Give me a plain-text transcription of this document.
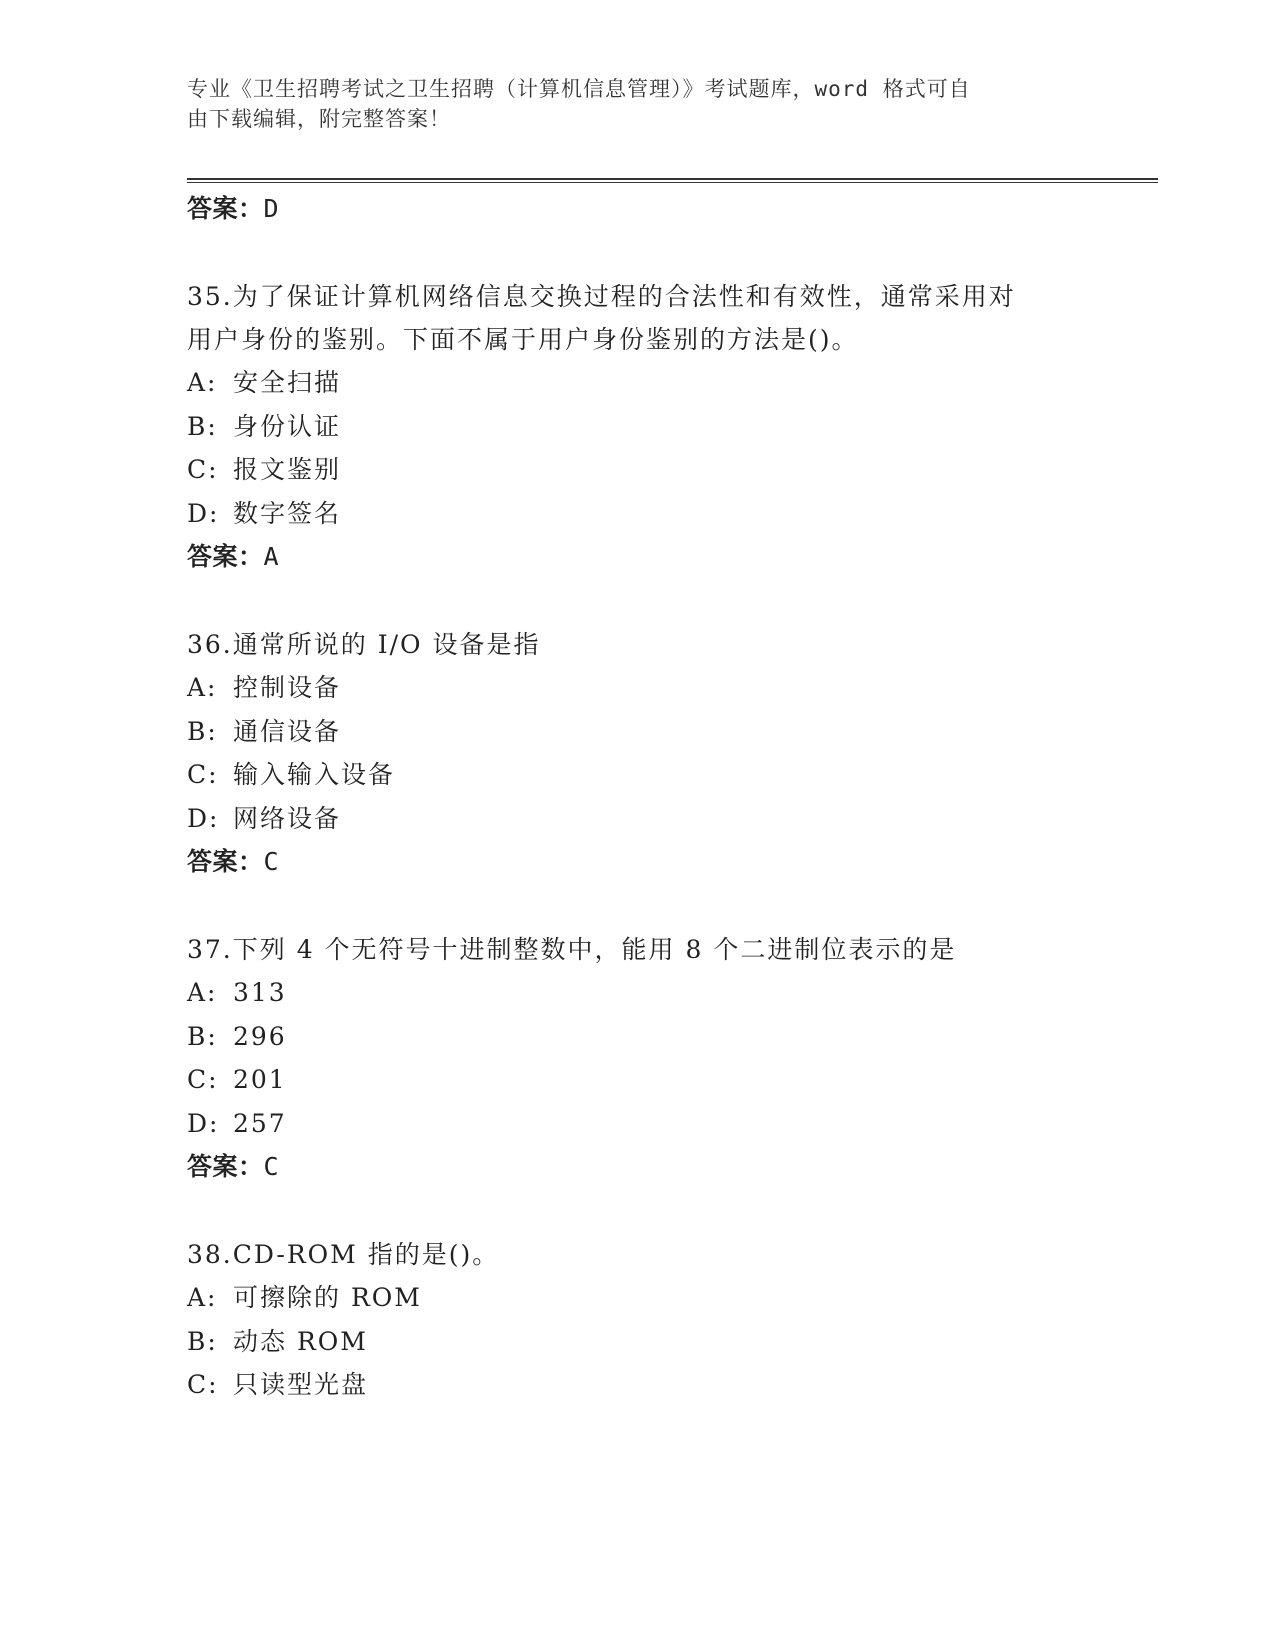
专业《卫生招聘考试之卫生招聘（计算机信息管理）》考试题库，word 格式可自
由下载编辑，附完整答案！
答案：D
35.为了保证计算机网络信息交换过程的合法性和有效性，通常采用对
用户身份的鉴别。下面不属于用户身份鉴别的方法是()。
A: 安全扫描
B: 身份认证
C: 报文鉴别
D: 数字签名
答案：A
36.通常所说的 I/O 设备是指
A: 控制设备
B: 通信设备
C: 输入输入设备
D: 网络设备
答案：C
37.下列 4 个无符号十进制整数中，能用 8 个二进制位表示的是
A: 313
B: 296
C: 201
D: 257
答案：C
38.CD-ROM 指的是()。
A: 可擦除的 ROM
B: 动态 ROM
C: 只读型光盘
